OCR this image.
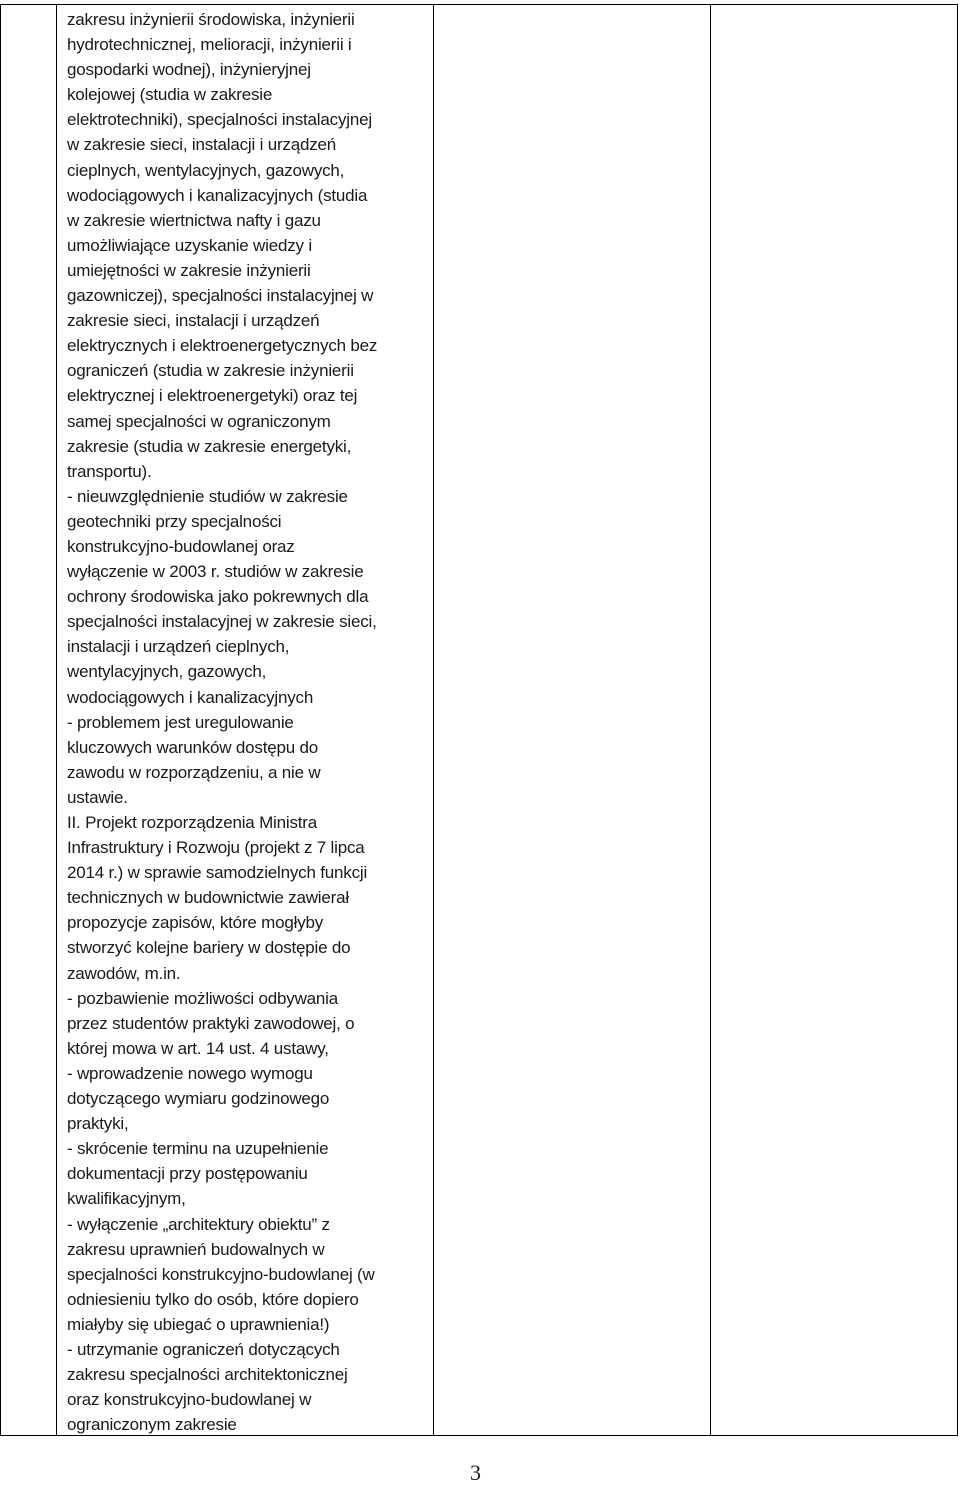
zakresu inżynierii środowiska, inżynierii
hydrotechnicznej, melioracji, inżynierii i
gospodarki wodnej), inżynieryjnej
kolejowej (studia w zakresie
elektrotechniki), specjalności instalacyjnej
w zakresie sieci, instalacji i urządzeń
cieplnych, wentylacyjnych, gazowych,
wodociągowych i kanalizacyjnych (studia
w zakresie wiertnictwa nafty i gazu
umożliwiające uzyskanie wiedzy i
umiejętności w zakresie inżynierii
gazowniczej), specjalności instalacyjnej w
zakresie sieci, instalacji i urządzeń
elektrycznych i elektroenergetycznych bez
ograniczeń (studia w zakresie inżynierii
elektrycznej i elektroenergetyki) oraz tej
samej specjalności w ograniczonym
zakresie (studia w zakresie energetyki,
transportu).
- nieuwzględnienie studiów w zakresie
geotechniki przy specjalności
konstrukcyjno-budowlanej oraz
wyłączenie w 2003 r. studiów w zakresie
ochrony środowiska jako pokrewnych dla
specjalności instalacyjnej w zakresie sieci,
instalacji i urządzeń cieplnych,
wentylacyjnych, gazowych,
wodociągowych i kanalizacyjnych
- problemem jest uregulowanie
kluczowych warunków dostępu do
zawodu w rozporządzeniu, a nie w
ustawie.
II. Projekt rozporządzenia Ministra
Infrastruktury i Rozwoju (projekt z 7 lipca
2014 r.) w sprawie samodzielnych funkcji
technicznych w budownictwie zawierał
propozycje zapisów, które mogłyby
stworzyć kolejne bariery w dostępie do
zawodów, m.in.
- pozbawienie możliwości odbywania
przez studentów praktyki zawodowej, o
której mowa w art. 14 ust. 4 ustawy,
- wprowadzenie nowego wymogu
dotyczącego wymiaru godzinowego
praktyki,
- skrócenie terminu na uzupełnienie
dokumentacji przy postępowaniu
kwalifikacyjnym,
- wyłączenie „architektury obiektu” z
zakresu uprawnień budowalnych w
specjalności konstrukcyjno-budowlanej (w
odniesieniu tylko do osób, które dopiero
miałyby się ubiegać o uprawnienia!)
- utrzymanie ograniczeń dotyczących
zakresu specjalności architektonicznej
oraz konstrukcyjno-budowlanej w
ograniczonym zakresie
3
